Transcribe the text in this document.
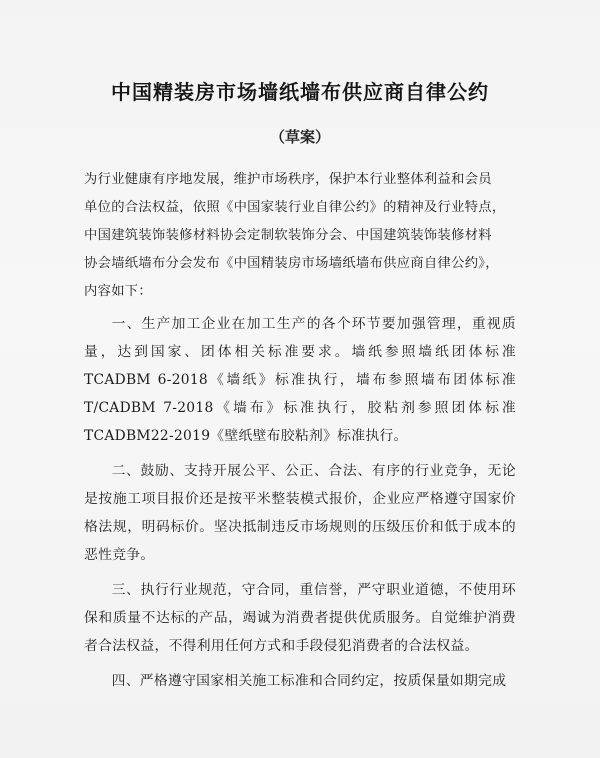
中国精装房市场墙纸墙布供应商自律公约
（草案）
为行业健康有序地发展，维护市场秩序，保护本行业整体利益和会员
单位的合法权益，依照《中国家装行业自律公约》的精神及行业特点，
中国建筑装饰装修材料协会定制软装饰分会、中国建筑装饰装修材料
协会墙纸墙布分会发布《中国精装房市场墙纸墙布供应商自律公约》，
内容如下：

一、生产加工企业在加工生产的各个环节要加强管理，重视质量，达到国家、团体相关标准要求。墙纸参照墙纸团体标准 TCADBM 6-2018《墙纸》标准执行，墙布参照墙布团体标准 T/CADBM 7-2018《墙布》标准执行，胶粘剂参照团体标准 TCADBM22-2019《壁纸壁布胶粘剂》标准执行。

二、鼓励、支持开展公平、公正、合法、有序的行业竞争，无论是按施工项目报价还是按平米整装模式报价，企业应严格遵守国家价格法规，明码标价。坚决抵制违反市场规则的压级压价和低于成本的恶性竞争。

三、执行行业规范，守合同，重信誉，严守职业道德，不使用环保和质量不达标的产品，竭诚为消费者提供优质服务。自觉维护消费者合法权益，不得利用任何方式和手段侵犯消费者的合法权益。

四、严格遵守国家相关施工标准和合同约定，按质保量如期完成
